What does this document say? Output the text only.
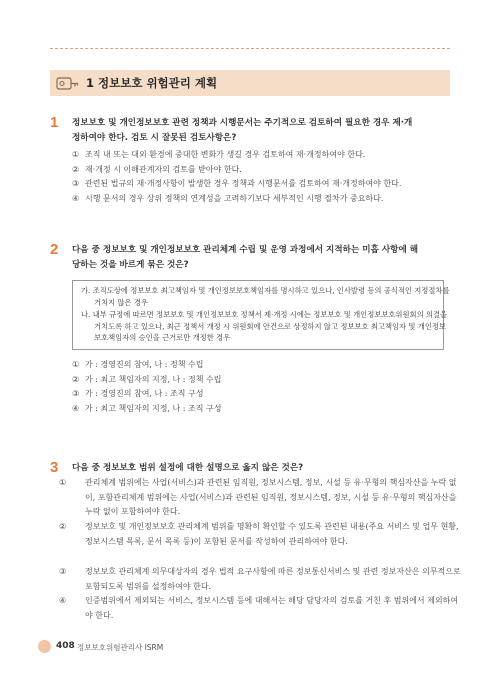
1 정보보호 위험관리 계획
1 정보보호 및 개인정보보호 관련 정책과 시행문서는 주기적으로 검토하여 필요한 경우 제·개
정하여야 한다. 검토 시 잘못된 검토사항은?
① 조직 내 또는 대외 환경에 중대한 변화가 생길 경우 검토하여 재·개정하여야 한다.
② 재·개정 시 이해관계자의 검토를 받아야 한다.
③ 관련된 법규의 재·개정사항이 발생한 경우 정책과 시행문서를 검토하여 재·개정하여야 한다.
④ 시행 문서의 경우 상위 정책의 연계성을 고려하기보다 세부적인 시행 절차가 중요하다.
2 다음 중 정보보호 및 개인정보보호 관리체계 수립 및 운영 과정에서 지적하는 미흡 사항에 해
당하는 것을 바르게 묶은 것은?
가. 조직도상에 정보보호 최고책임자 및 개인정보보호책임자를 명시하고 있으나, 인사발령 등의 공식적인 지정절차를 거치지 않은 경우
나. 내부 규정에 따르면 정보보호 및 개인정보보호 정책서 제·개정 시에는 정보보호 및 개인정보보호위원회의 의결을 거치도록 하고 있으나, 최근 정책서 개정 시 위원회에 안건으로 상정하지 않고 정보보호 최고책임자 및 개인정보보호책임자의 승인을 근거로만 개정한 경우
① 가 : 경영진의 참여, 나 : 정책 수립
② 가 : 최고 책임자의 지정, 나 : 정책 수립
③ 가 : 경영진의 참여, 나 : 조직 구성
④ 가 : 최고 책임자의 지정, 나 : 조직 구성
3 다음 중 정보보호 범위 설정에 대한 설명으로 옳지 않은 것은?
① 관리체계 범위에는 사업(서비스)과 관련된 임직원, 정보시스템, 정보, 시설 등 유·무형의 핵심자산을 누락 없이, 포함관리체계 범위에는 사업(서비스)과 관련된 임직원, 정보시스템, 정보, 시설 등 유·무형의 핵심자산을 누락 없이 포함하여야 한다.
② 정보보호 및 개인정보보호 관리체계 범위를 명확히 확인할 수 있도록 관련된 내용(주요 서비스 및 업무 현황, 정보시스템 목록, 문서 목록 등)이 포함된 문서를 작성하여 관리하여야 한다.
③ 정보보호 관리체계 의무대상자의 경우 법적 요구사항에 따른 정보통신서비스 및 관련 정보자산은 의무적으로 포함되도록 범위를 설정하여야 한다.
④ 인증범위에서 제외되는 서비스, 정보시스템 등에 대해서는 해당 담당자의 검토를 거친 후 범위에서 제외하여야 한다.
408 정보보호위험관리사 ISRM
